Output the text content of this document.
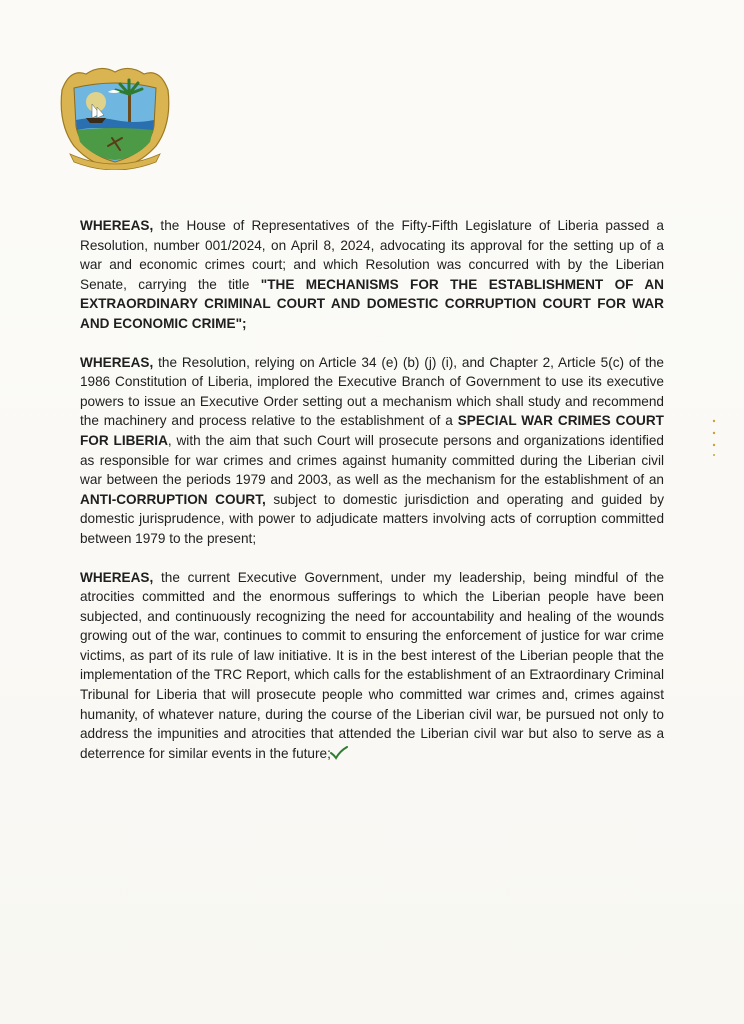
WHEREAS, the House of Representatives of the Fifty-Fifth Legislature of Liberia passed a Resolution, number 001/2024, on April 8, 2024, advocating its approval for the setting up of a war and economic crimes court; and which Resolution was concurred with by the Liberian Senate, carrying the title "THE MECHANISMS FOR THE ESTABLISHMENT OF AN EXTRAORDINARY CRIMINAL COURT AND DOMESTIC CORRUPTION COURT FOR WAR AND ECONOMIC CRIME";

WHEREAS, the Resolution, relying on Article 34 (e) (b) (j) (i), and Chapter 2, Article 5(c) of the 1986 Constitution of Liberia, implored the Executive Branch of Government to use its executive powers to issue an Executive Order setting out a mechanism which shall study and recommend the machinery and process relative to the establishment of a SPECIAL WAR CRIMES COURT FOR LIBERIA, with the aim that such Court will prosecute persons and organizations identified as responsible for war crimes and crimes against humanity committed during the Liberian civil war between the periods 1979 and 2003, as well as the mechanism for the establishment of an ANTI-CORRUPTION COURT, subject to domestic jurisdiction and operating and guided by domestic jurisprudence, with power to adjudicate matters involving acts of corruption committed between 1979 to the present;

WHEREAS, the current Executive Government, under my leadership, being mindful of the atrocities committed and the enormous sufferings to which the Liberian people have been subjected, and continuously recognizing the need for accountability and healing of the wounds growing out of the war, continues to commit to ensuring the enforcement of justice for war crime victims, as part of its rule of law initiative. It is in the best interest of the Liberian people that the implementation of the TRC Report, which calls for the establishment of an Extraordinary Criminal Tribunal for Liberia that will prosecute people who committed war crimes and, crimes against humanity, of whatever nature, during the course of the Liberian civil war, be pursued not only to address the impunities and atrocities that attended the Liberian civil war but also to serve as a deterrence for similar events in the future;
